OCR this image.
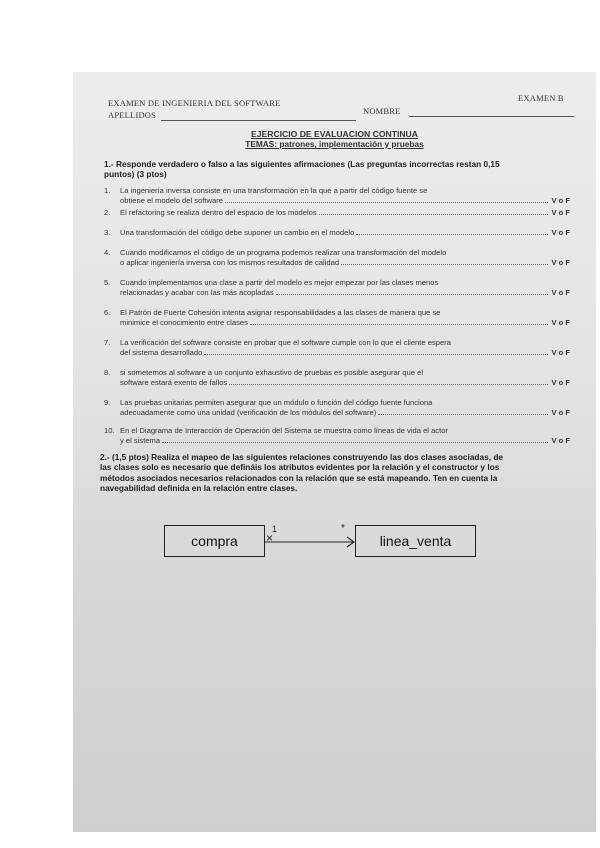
EXAMEN DE INGENIERIA DEL SOFTWARE	EXAMEN B
APELLIDOS	NOMBRE
EJERCICIO DE EVALUACION CONTINUA
TEMAS: patrones, implementación y pruebas
1.- Responde verdadero o falso a las siguientes afirmaciones (Las preguntas incorrectas restan 0,15
puntos) (3 ptos)
1.	La ingeniería inversa consiste en una transformación en la que a partir del código fuente se
obtiene el modelo del software	V o F
2.	El refactoring se realiza dentro del espacio de los modelos	V o F
3.	Una transformación del código debe suponer un cambio en el modelo	V o F
4.	Cuando modificamos el código de un programa podemos realizar una transformación del modelo
o aplicar ingeniería inversa con los mismos resultados de calidad	V o F
5.	Cuando implementamos una clase a partir del modelo es mejor empezar por las clases menos
relacionadas y acabar con las más acopladas	V o F
6.	El Patrón de Fuerte Cohesión intenta asignar responsabilidades a las clases de manera que se
minimice el conocimiento entre clases	V o F
7.	La verificación del software consiste en probar que el software cumple con lo que el cliente espera
del sistema desarrollado	V o F
8.	si sometemos al software a un conjunto exhaustivo de pruebas es posible asegurar que el
software estará exento de fallos	V o F
9.	Las pruebas unitarias permiten asegurar que un módulo o función del código fuente funciona
adecuadamente como una unidad (verificación de los módulos del software)	V o F
10. En el Diagrama de Interacción de Operación del Sistema se muestra como líneas de vida el actor
y el sistema	V o F
2.- (1,5 ptos) Realiza el mapeo de las siguientes relaciones construyendo las dos clases asociadas, de
las clases solo es necesario que defináis los atributos evidentes por la relación y el constructor y los
métodos asociados necesarios relacionados con la relación que se está mapeando. Ten en cuenta la
navegabilidad definida en la relación entre clases.
compra	linea_venta
×
1	*
